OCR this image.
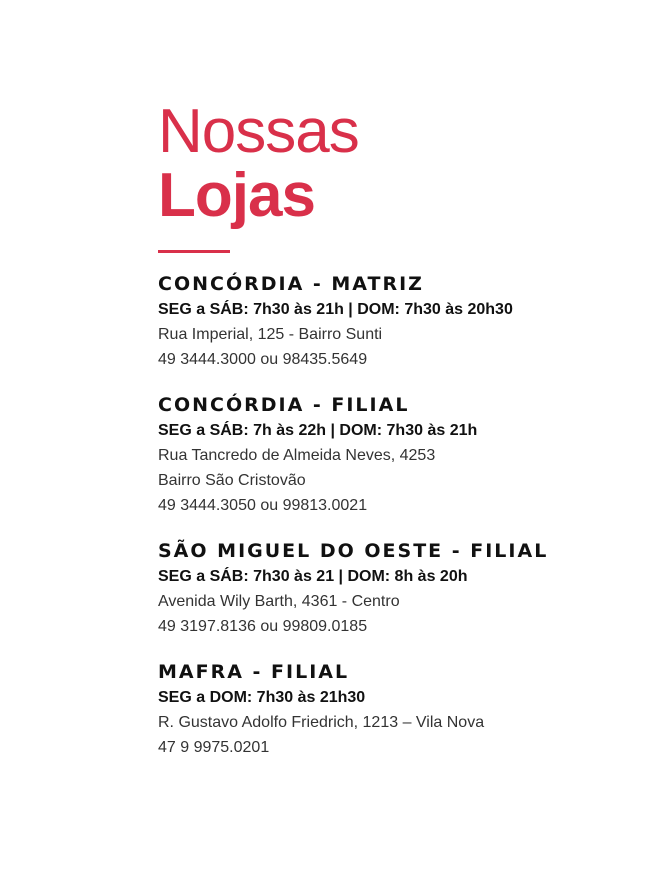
Nossas
Lojas

CONCÓRDIA - MATRIZ

SEG a SÁB: 7h30 às 21h | DOM: 7h30 às 20h30

Rua Imperial, 125 - Bairro Sunti

49 3444.3000 ou 98435.5649

CONCÓRDIA - FILIAL

SEG a SÁB: 7h às 22h | DOM: 7h30 às 21h

Rua Tancredo de Almeida Neves, 4253

Bairro São Cristovão

49 3444.3050 ou 99813.0021

SÃO MIGUEL DO OESTE - FILIAL

SEG a SÁB: 7h30 às 21 | DOM: 8h às 20h

Avenida Wily Barth, 4361 - Centro

49 3197.8136 ou 99809.0185

MAFRA - FILIAL

SEG a DOM: 7h30 às 21h30

R. Gustavo Adolfo Friedrich, 1213 – Vila Nova

47 9 9975.0201
